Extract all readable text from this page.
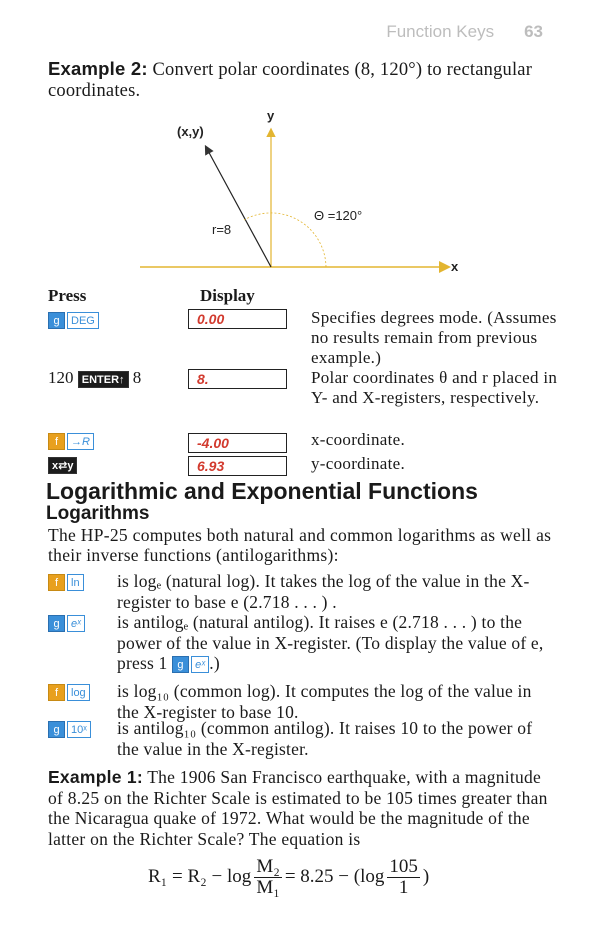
Function Keys 63

Example 2: Convert polar coordinates (8, 120°) to rectangular coordinates.

(x,y)
y
x
r=8
Θ =120°
Press	Display
g DEG	0.00	Specifies degrees mode. (Assumes no results remain from previous example.)
120 ENTER↑ 8	8.	Polar coordinates θ and r placed in Y- and X-registers, respectively.
f →R	-4.00	x-coordinate.
x⇄y	6.93	y-coordinate.
Logarithmic and Exponential Functions
Logarithms

The HP-25 computes both natural and common logarithms as well as their inverse functions (antilogarithms):

f ln is logₑ (natural log). It takes the log of the value in the X-register to base e (2.718 . . . ) .
g eˣ is antilogₑ (natural antilog). It raises e (2.718 . . . ) to the power of the value in X-register. (To display the value of e, press 1 g eˣ .)
f log is log₁₀ (common log). It computes the log of the value in the X-register to base 10.
g 10ˣ is antilog₁₀ (common antilog). It raises 10 to the power of the value in the X-register.

Example 1: The 1906 San Francisco earthquake, with a magnitude of 8.25 on the Richter Scale is estimated to be 105 times greater than the Nicaragua quake of 1972. What would be the magnitude of the latter on the Richter Scale? The equation is

$R_1 = R_2 - \log \frac{\text{M₂}}{\text{M₁}} = 8.25 - (\log \frac{105}{1}$ )
